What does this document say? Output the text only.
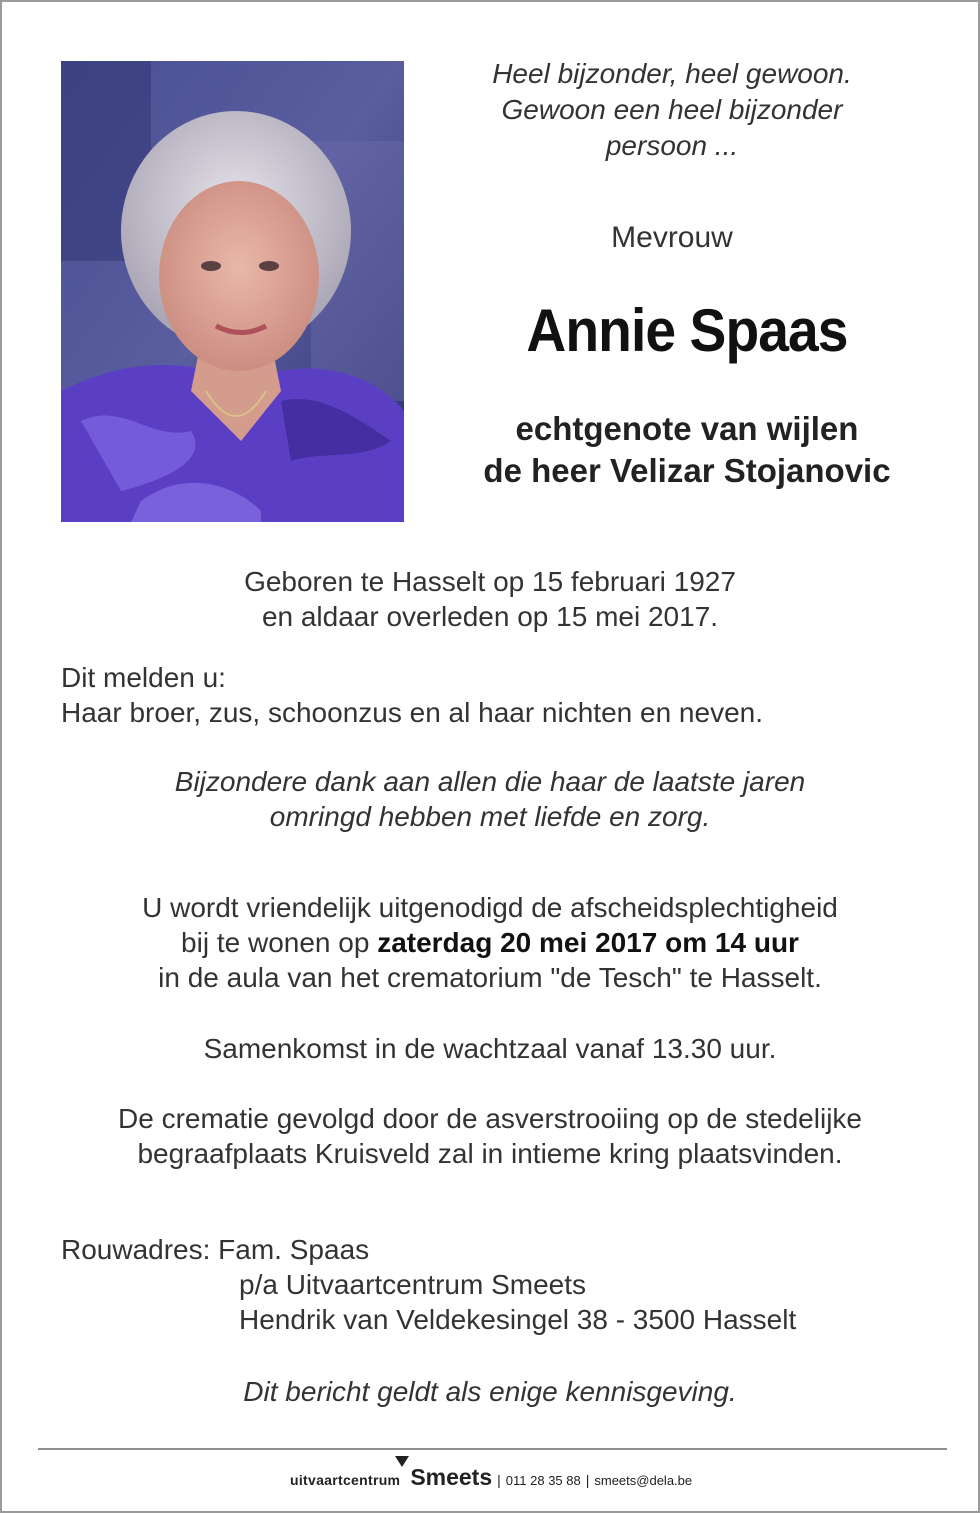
Heel bijzonder, heel gewoon.
Gewoon een heel bijzonder
persoon ...
Mevrouw
Annie Spaas
echtgenote van wijlen
de heer Velizar Stojanovic
Geboren te Hasselt op 15 februari 1927
en aldaar overleden op 15 mei 2017.
Dit melden u:
Haar broer, zus, schoonzus en al haar nichten en neven.
Bijzondere dank aan allen die haar de laatste jaren
omringd hebben met liefde en zorg.
U wordt vriendelijk uitgenodigd de afscheidsplechtigheid
bij te wonen op zaterdag 20 mei 2017 om 14 uur
in de aula van het crematorium "de Tesch" te Hasselt.
Samenkomst in de wachtzaal vanaf 13.30 uur.
De crematie gevolgd door de asverstrooiing op de stedelijke
begraafplaats Kruisveld zal in intieme kring plaatsvinden.
Rouwadres: Fam. Spaas
p/a Uitvaartcentrum Smeets
Hendrik van Veldekesingel 38 - 3500 Hasselt
Dit bericht geldt als enige kennisgeving.
uitvaartcentrum Smeets | 011 28 35 88 | smeets@dela.be
